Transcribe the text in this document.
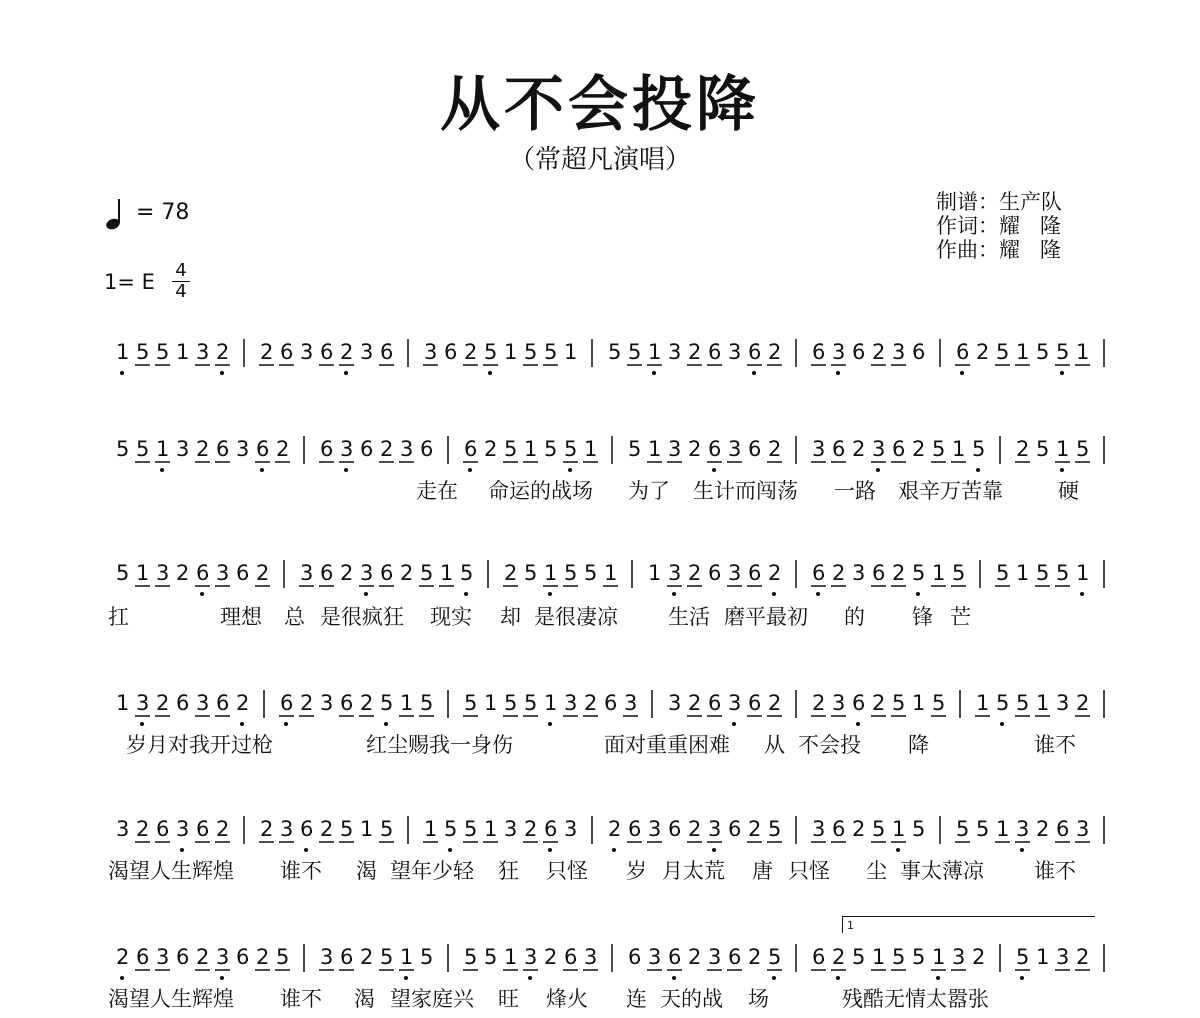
从不会投降
（常超凡演唱）
= 78
1= E 4
4
制谱：生产队
作词：耀   隆
作曲：耀   隆
1 5 5 1 3 2 2 6 3 6 2 3 6 3 6 2 5 1 5 5 1 5 5 1 3 2 6 3 6 2 6 3 6 2 3 6 6 2 5 1 5 5 1
5 5 1 3 2 6 3 6 2 6 3 6 2 3 6 6 2 5 1 5 5 1 5 1 3 2 6 3 6 2 3 6 2 3 6 2 5 1 5 2 5 1 5
走在 命运的战场 为了 生计而闯荡 一路 艰辛万苦靠	硬
5 1 3 2 6 3 6 2 3 6 2 3 6 2 5 1 5 2 5 1 5 5 1 1 3 2 6 3 6 2 6 2 3 6 2 5 1 5 5 1 5 5 1
扛	理想 总 是很疯狂 现实 却 是很凄凉 生活 磨平最初 的 锋 芒
1 3 2 6 3 6 2 6 2 3 6 2 5 1 5 5 1 5 5 1 3 2 6 3 3 2 6 3 6 2 2 3 6 2 5 1 5 1 5 5 1 3 2
岁月对我开过枪	红尘赐我一身伤	面对重重困难 从 不会投 降	谁不
3 2 6 3 6 2 2 3 6 2 5 1 5 1 5 5 1 3 2 6 3 2 6 3 6 2 3 6 2 5 3 6 2 5 1 5 5 5 1 3 2 6 3
渴望人生辉煌 谁不 渴 望年少轻 狂 只怪 岁 月太荒 唐 只怪 尘 事太薄凉 谁不
1
2 6 3 6 2 3 6 2 5 3 6 2 5 1 5 5 5 1 3 2 6 3 6 3 6 2 3 6 2 5 6 2 5 1 5 5 1 3 2 5 1 3 2
渴望人生辉煌 谁不 渴 望家庭兴 旺 烽火 连 天的战 场	残酷无情太嚣张
